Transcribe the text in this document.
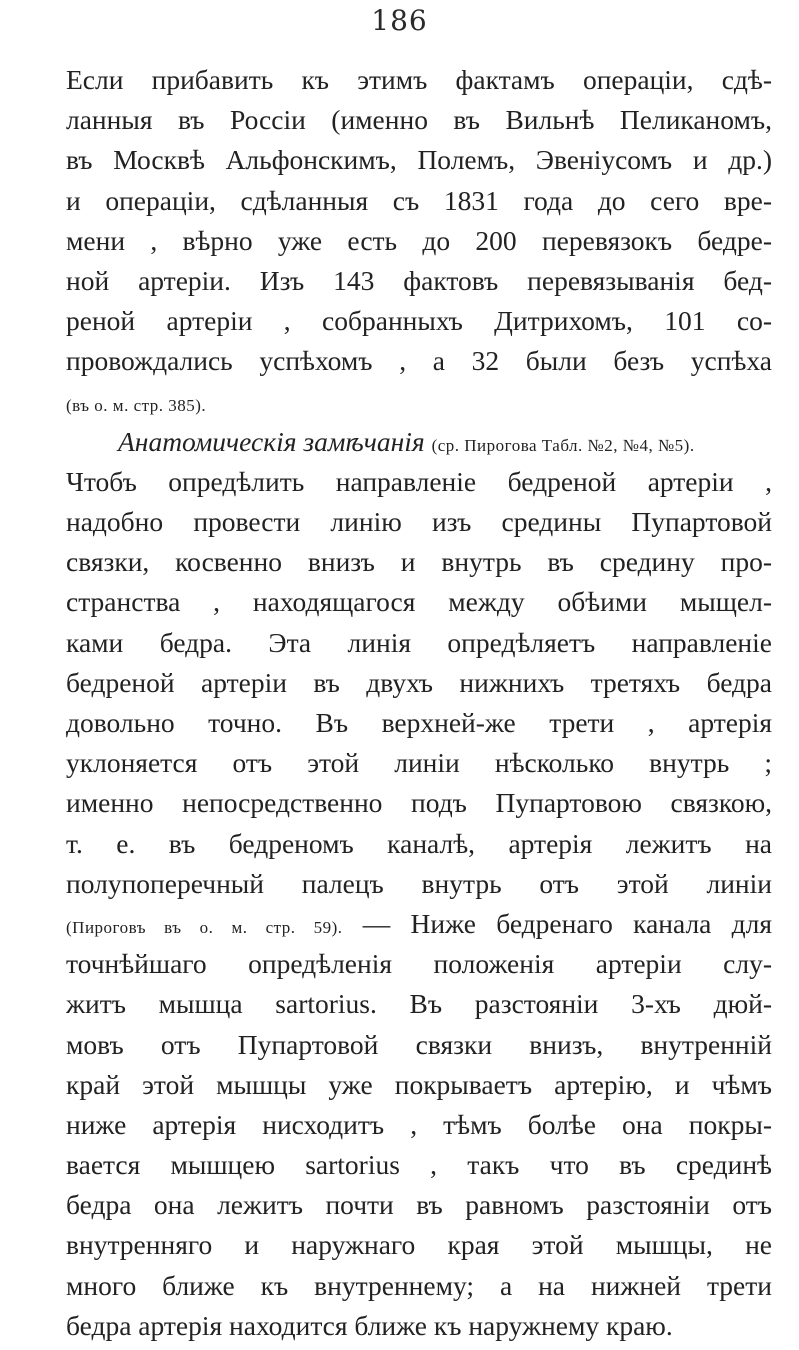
186
Если прибавить къ этимъ фактамъ операціи, сдѣ-
ланныя въ Россіи (именно въ Вильнѣ Пеликаномъ,
въ Москвѣ Альфонскимъ, Полемъ, Эвеніусомъ и др.)
и операціи, сдѣланныя съ 1831 года до сего вре-
мени , вѣрно уже есть до 200 перевязокъ бедре-
ной артеріи. Изъ 143 фактовъ перевязыванія бед-
реной артеріи , собранныхъ Дитрихомъ, 101 со-
провождались успѣхомъ , а 32 были безъ успѣха
(въ о. м. стр. 385).
Анатомическія замѣчанія (ср. Пирогова Табл. №2, №4, №5).
Чтобъ опредѣлить направленіе бедреной артеріи ,
надобно провести линію изъ средины Пупартовой
связки, косвенно внизъ и внутрь въ средину про-
странства , находящагося между обѣими мыщел-
ками бедра. Эта линія опредѣляетъ направленіе
бедреной артеріи въ двухъ нижнихъ третяхъ бедра
довольно точно. Въ верхней-же трети , артерія
уклоняется отъ этой линіи нѣсколько внутрь ;
именно непосредственно подъ Пупартовою связкою,
т. е. въ бедреномъ каналѣ, артерія лежитъ на
полупоперечный палецъ внутрь отъ этой линіи
(Пироговъ въ о. м. стр. 59). — Ниже бедренаго канала для
точнѣйшаго опредѣленія положенія артеріи слу-
житъ мышца sartorius. Въ разстояніи 3-хъ дюй-
мовъ отъ Пупартовой связки внизъ, внутренній
край этой мышцы уже покрываетъ артерію, и чѣмъ
ниже артерія нисходитъ , тѣмъ болѣе она покры-
вается мышцею sartorius , такъ что въ срединѣ
бедра она лежитъ почти въ равномъ разстояніи отъ
внутренняго и наружнаго края этой мышцы, не
много ближе къ внутреннему; а на нижней трети
бедра артерія находится ближе къ наружнему краю.
